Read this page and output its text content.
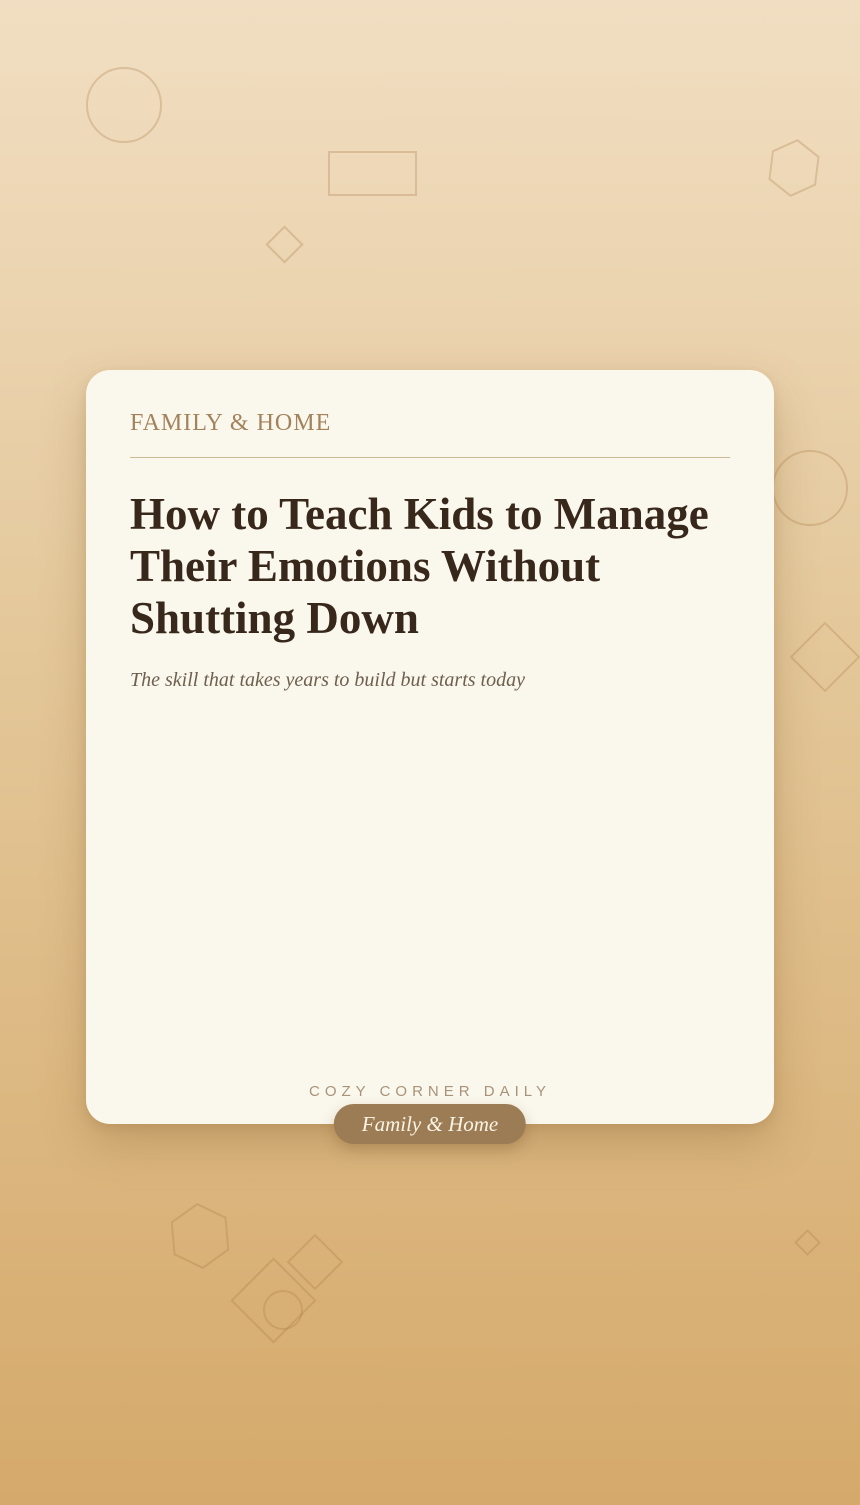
FAMILY & HOME
How to Teach Kids to Manage
Their Emotions Without
Shutting Down
The skill that takes years to build but starts today
COZY CORNER DAILY
Family & Home
